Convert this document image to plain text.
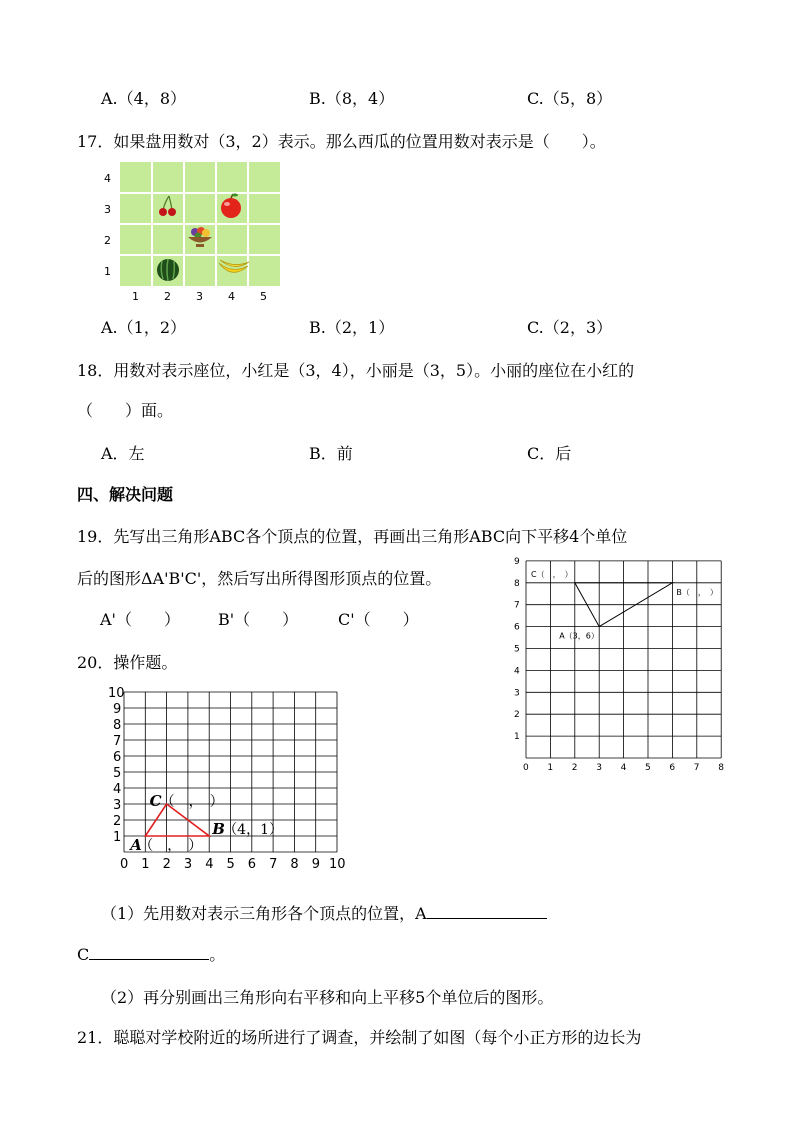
A.（4，8）	B.（8，4）	C.（5，8）
17．如果盘用数对（3，2）表示。那么西瓜的位置用数对表示是（　　）。
4
3
2
1
1 2 3 4 5
A.（1，2）	B.（2，1）	C.（2，3）
18．用数对表示座位，小红是（3，4），小丽是（3，5）。小丽的座位在小红的
（　　）面。
A．左	B．前	C．后
四、解决问题
19．先写出三角形ABC各个顶点的位置，再画出三角形ABC向下平移4个单位
后的图形ΔA'B'C'，然后写出所得图形顶点的位置。
A'（　　） B'（　　） C'（　　）
0 1 2 3 4 5 6 7 8
1
2
3
4
5
6
7
8
9
C（　，　）
B（　，　）
A（3，6）
20．操作题。
0 1 2 3 4 5 6 7 8 9 10
1
2
3
4
5
6
7
8
9
10
A
（　，　）
B
（4，1）
C （　，　）
（1）先用数对表示三角形各个顶点的位置，A
C	。
（2）再分别画出三角形向右平移和向上平移5个单位后的图形。
21．聪聪对学校附近的场所进行了调查，并绘制了如图（每个小正方形的边长为
